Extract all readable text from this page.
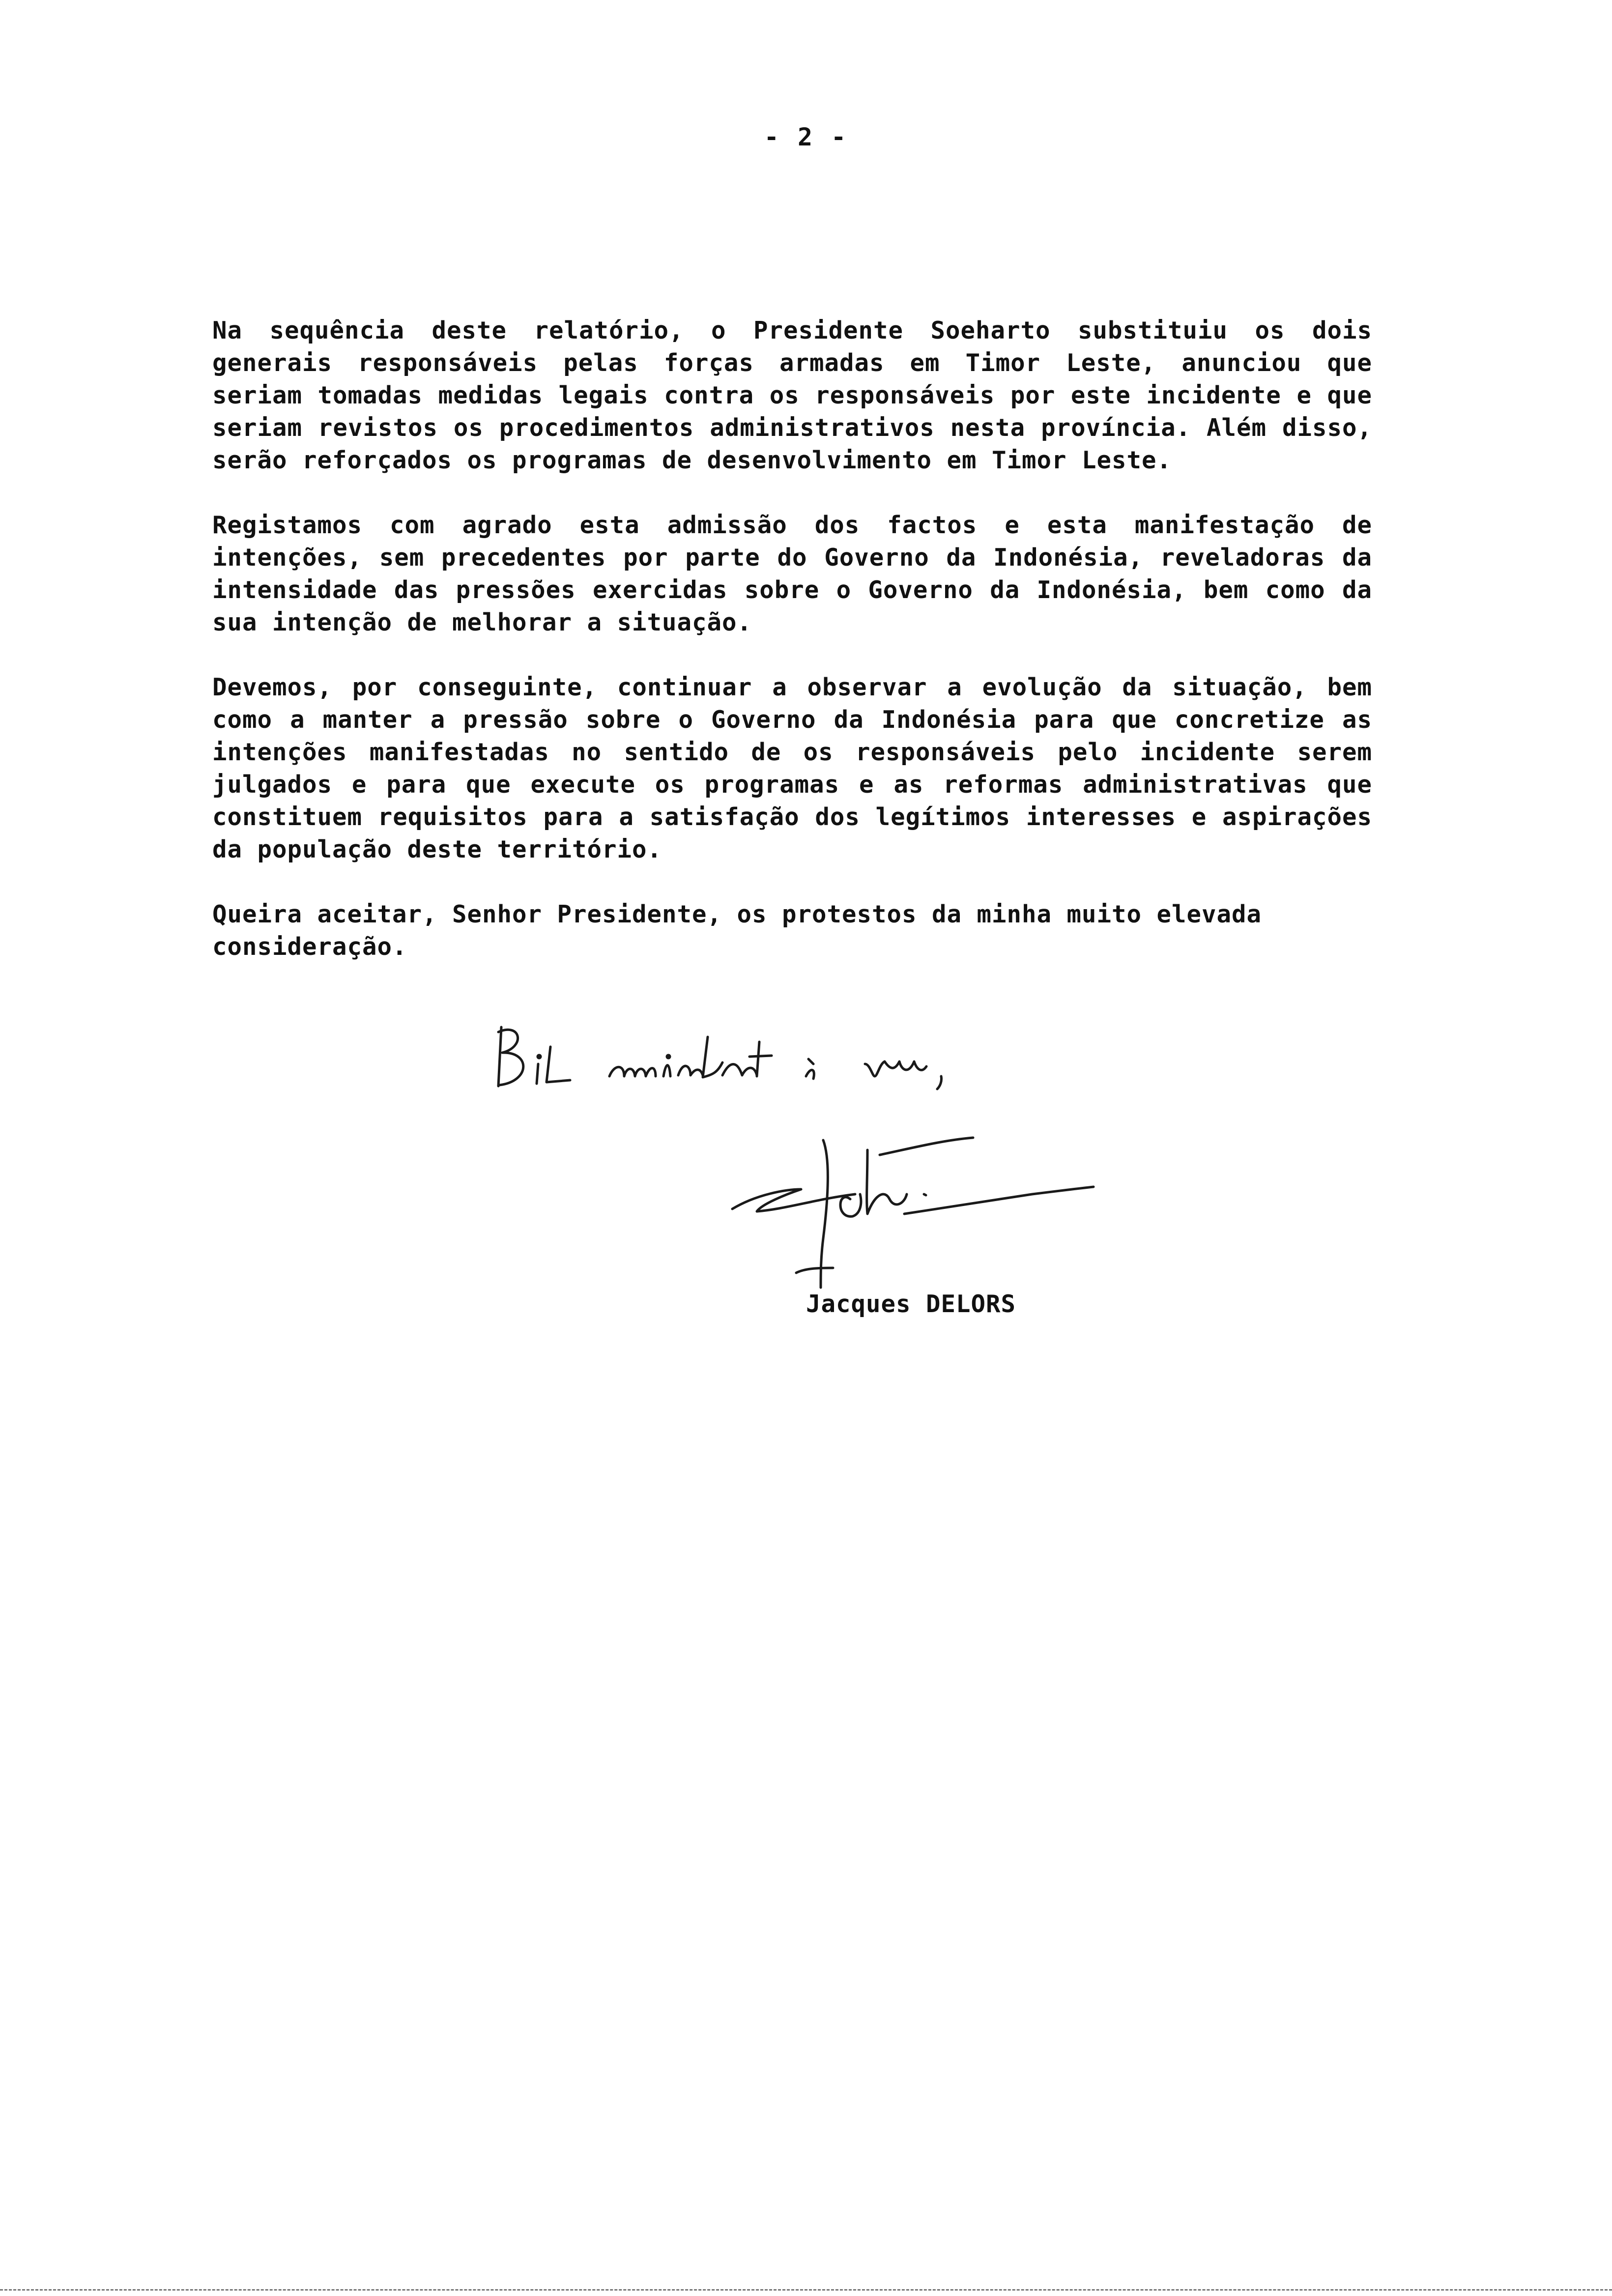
- 2 -

Na sequência deste relatório, o Presidente Soeharto substituiu os dois generais responsáveis pelas forças armadas em Timor Leste, anunciou que seriam tomadas medidas legais contra os responsáveis por este incidente e que seriam revistos os procedimentos administrativos nesta província. Além disso, serão reforçados os programas de desenvolvimento em Timor Leste.

Registamos com agrado esta admissão dos factos e esta manifestação de intenções, sem precedentes por parte do Governo da Indonésia, reveladoras da intensidade das pressões exercidas sobre o Governo da Indonésia, bem como da sua intenção de melhorar a situação.

Devemos, por conseguinte, continuar a observar a evolução da situação, bem como a manter a pressão sobre o Governo da Indonésia para que concretize as intenções manifestadas no sentido de os responsáveis pelo incidente serem julgados e para que execute os programas e as reformas administrativas que constituem requisitos para a satisfação dos legítimos interesses e aspirações da população deste território.

Queira aceitar, Senhor Presidente, os protestos da minha muito elevada consideração.

Jacques DELORS
